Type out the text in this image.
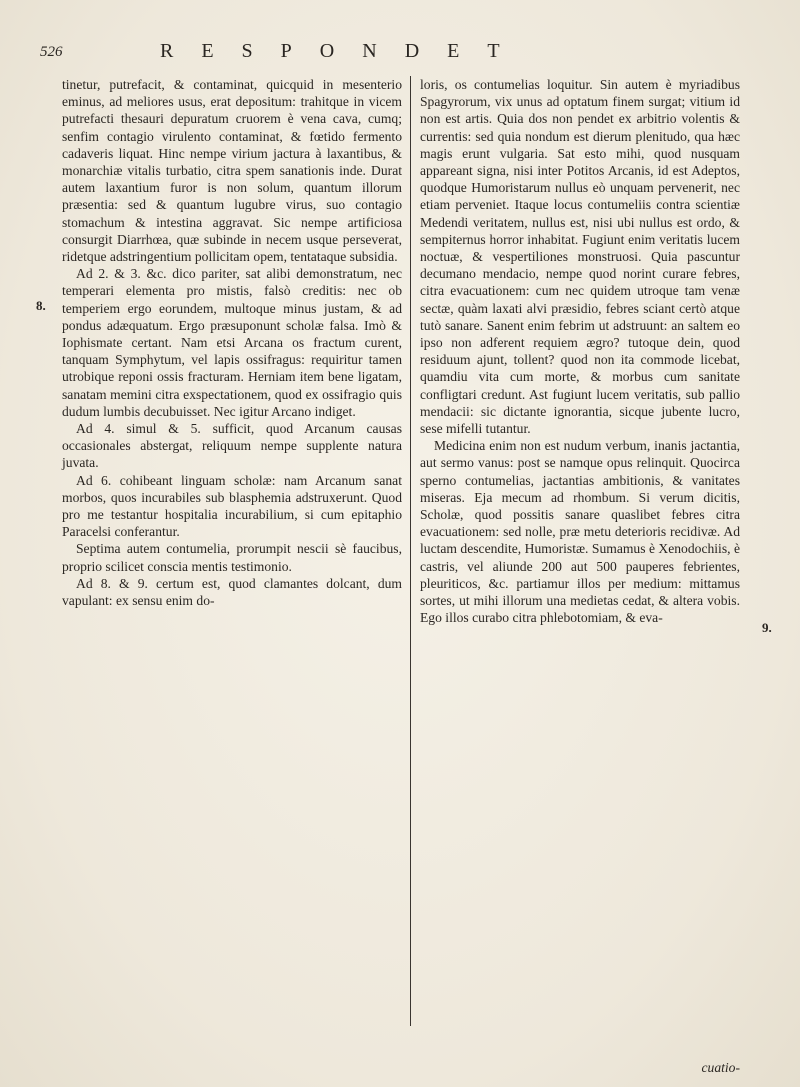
526	RESPONDET
8.
9.

tinetur, putrefacit, & contaminat, quicquid in mesenterio eminus, ad meliores usus, erat depositum: trahitque in vicem putrefacti thesauri depuratum cruorem è vena cava, cumq; senfim contagio virulento contaminat, & fœtido fermento cadaveris liquat. Hinc nempe virium jactura à laxantibus, & monarchiæ vitalis turbatio, citra spem sanationis inde. Durat autem laxantium furor is non solum, quantum illorum præsentia: sed & quantum lugubre virus, suo contagio stomachum & intestina aggravat. Sic nempe artificiosa consurgit Diarrhœa, quæ subinde in necem usque perseverat, ridetque adstringentium pollicitam opem, tentataque subsidia.

Ad 2. & 3. &c. dico pariter, sat alibi demonstratum, nec temperari elementa pro mistis, falsò creditis: nec ob temperiem ergo eorundem, multoque minus justam, & ad pondus adæquatum. Ergo præsuponunt scholæ falsa. Imò & Iophismate certant. Nam etsi Arcana os fractum curent, tanquam Symphytum, vel lapis ossifragus: requiritur tamen utrobique reponi ossis fracturam. Herniam item bene ligatam, sanatam memini citra exspectationem, quod ex ossifragio quis dudum lumbis decubuisset. Nec igitur Arcano indiget.

Ad 4. simul & 5. sufficit, quod Arcanum causas occasionales abstergat, reliquum nempe supplente natura juvata.

Ad 6. cohibeant linguam scholæ: nam Arcanum sanat morbos, quos incurabiles sub blasphemia adstruxerunt. Quod pro me testantur hospitalia incurabilium, si cum epitaphio Paracelsi conferantur.

Septima autem contumelia, prorumpit nescii sè faucibus, proprio scilicet conscia mentis testimonio.

Ad 8. & 9. certum est, quod clamantes dolcant, dum vapulant: ex sensu enim do-

loris, os contumelias loquitur. Sin autem è myriadibus Spagyrorum, vix unus ad optatum finem surgat; vitium id non est artis. Quia dos non pendet ex arbitrio volentis & currentis: sed quia nondum est dierum plenitudo, qua hæc magis erunt vulgaria. Sat esto mihi, quod nusquam appareant signa, nisi inter Potitos Arcanis, id est Adeptos, quodque Humoristarum nullus eò unquam pervenerit, nec etiam perveniet. Itaque locus contumeliis contra scientiæ Medendi veritatem, nullus est, nisi ubi nullus est ordo, & sempiternus horror inhabitat. Fugiunt enim veritatis lucem noctuæ, & vespertiliones monstruosi. Quia pascuntur decumano mendacio, nempe quod norint curare febres, citra evacuationem: cum nec quidem utroque tam venæ sectæ, quàm laxati alvi præsidio, febres sciant certò atque tutò sanare. Sanent enim febrim ut adstruunt: an saltem eo ipso non adferent requiem ægro? tutoque dein, quod residuum ajunt, tollent? quod non ita commode licebat, quamdiu vita cum morte, & morbus cum sanitate confligtari credunt. Ast fugiunt lucem veritatis, sub pallio mendacii: sic dictante ignorantia, sicque jubente lucro, sese mifelli tutantur.

Medicina enim non est nudum verbum, inanis jactantia, aut sermo vanus: post se namque opus relinquit. Quocirca sperno contumelias, jactantias ambitionis, & vanitates miseras. Eja mecum ad rhombum. Si verum dicitis, Scholæ, quod possitis sanare quaslibet febres citra evacuationem: sed nolle, præ metu deterioris recidivæ. Ad luctam descendite, Humoristæ. Sumamus è Xenodochiis, è castris, vel aliunde 200 aut 500 pauperes febrientes, pleuriticos, &c. partiamur illos per medium: mittamus sortes, ut mihi illorum una medietas cedat, & altera vobis. Ego illos curabo citra phlebotomiam, & eva-

cuatio-
